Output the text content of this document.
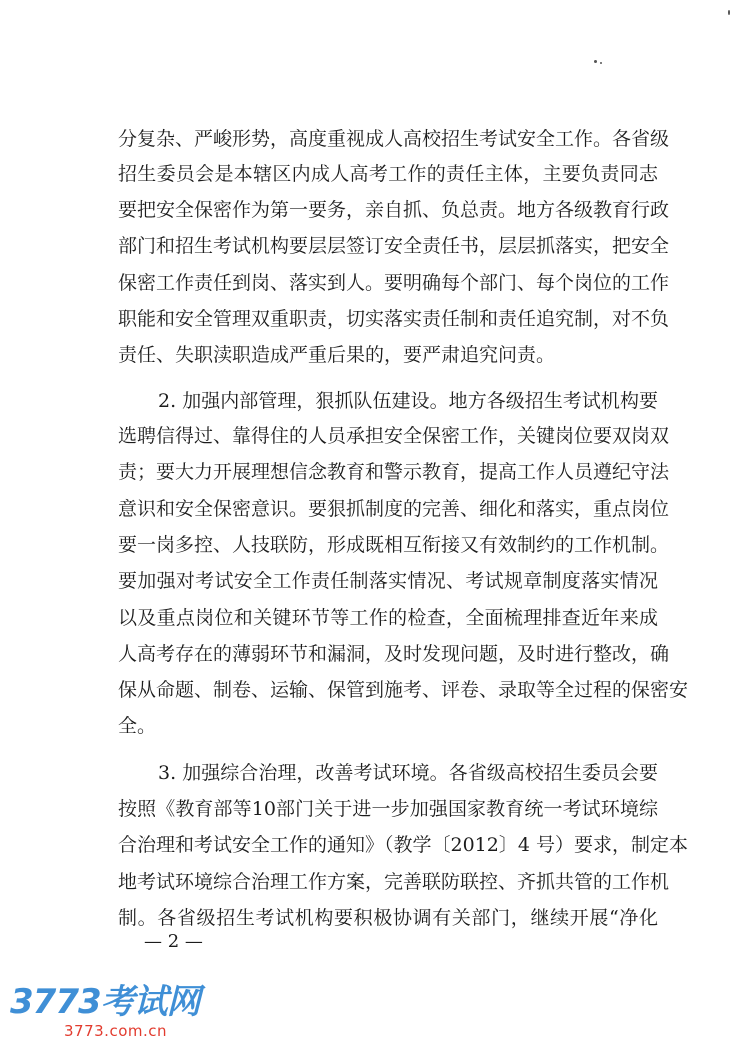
分复杂、严峻形势，高度重视成人高校招生考试安全工作。各省级
招生委员会是本辖区内成人高考工作的责任主体，主要负责同志
要把安全保密作为第一要务，亲自抓、负总责。地方各级教育行政
部门和招生考试机构要层层签订安全责任书，层层抓落实，把安全
保密工作责任到岗、落实到人。要明确每个部门、每个岗位的工作
职能和安全管理双重职责，切实落实责任制和责任追究制，对不负
责任、失职渎职造成严重后果的，要严肃追究问责。
2. 加强内部管理，狠抓队伍建设。地方各级招生考试机构要
选聘信得过、靠得住的人员承担安全保密工作，关键岗位要双岗双
责；要大力开展理想信念教育和警示教育，提高工作人员遵纪守法
意识和安全保密意识。要狠抓制度的完善、细化和落实，重点岗位
要一岗多控、人技联防，形成既相互衔接又有效制约的工作机制。
要加强对考试安全工作责任制落实情况、考试规章制度落实情况
以及重点岗位和关键环节等工作的检查，全面梳理排查近年来成
人高考存在的薄弱环节和漏洞，及时发现问题，及时进行整改，确
保从命题、制卷、运输、保管到施考、评卷、录取等全过程的保密安
全。
3. 加强综合治理，改善考试环境。各省级高校招生委员会要
按照《教育部等10部门关于进一步加强国家教育统一考试环境综
合治理和考试安全工作的通知》（教学〔2012〕4 号）要求，制定本
地考试环境综合治理工作方案，完善联防联控、齐抓共管的工作机
制。各省级招生考试机构要积极协调有关部门，继续开展“净化
— 2 —
3773考试网
3773.com.cn
